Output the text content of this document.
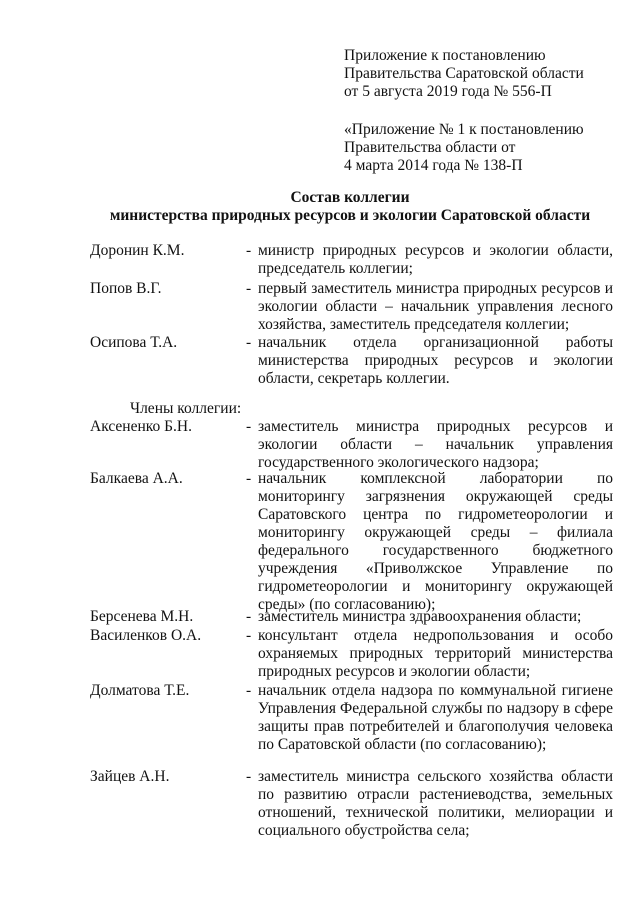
Приложение к постановлению
Правительства Саратовской области
от 5 августа 2019 года № 556-П
«Приложение № 1 к постановлению
Правительства области от
4 марта 2014 года № 138-П
Состав коллегии
министерства природных ресурсов и экологии Саратовской области
Доронин К.М.	- министр природных ресурсов и экологии области, председатель коллегии;
Попов В.Г.	- первый заместитель министра природных ресурсов и экологии области – начальник управления лесного хозяйства, заместитель председателя коллегии;
Осипова Т.А.	- начальник отдела организационной работы министерства природных ресурсов и экологии области, секретарь коллегии.
Члены коллегии:
Аксененко Б.Н.	- заместитель министра природных ресурсов и экологии области – начальник управления государственного экологического надзора;
Балкаева А.А.	- начальник комплексной лаборатории по мониторингу загрязнения окружающей среды Саратовского центра по гидрометеорологии и мониторингу окружающей среды – филиала федерального государственного бюджетного учреждения «Приволжское Управление по гидрометеорологии и мониторингу окружающей среды» (по согласованию);
Берсенева М.Н.	- заместитель министра здравоохранения области;
Василенков О.А.	- консультант отдела недропользования и особо охраняемых природных территорий министерства природных ресурсов и экологии области;
Долматова Т.Е.	- начальник отдела надзора по коммунальной гигиене Управления Федеральной службы по надзору в сфере защиты прав потребителей и благополучия человека по Саратовской области (по согласованию);
Зайцев А.Н.	- заместитель министра сельского хозяйства области по развитию отрасли растениеводства, земельных отношений, технической политики, мелиорации и социального обустройства села;
